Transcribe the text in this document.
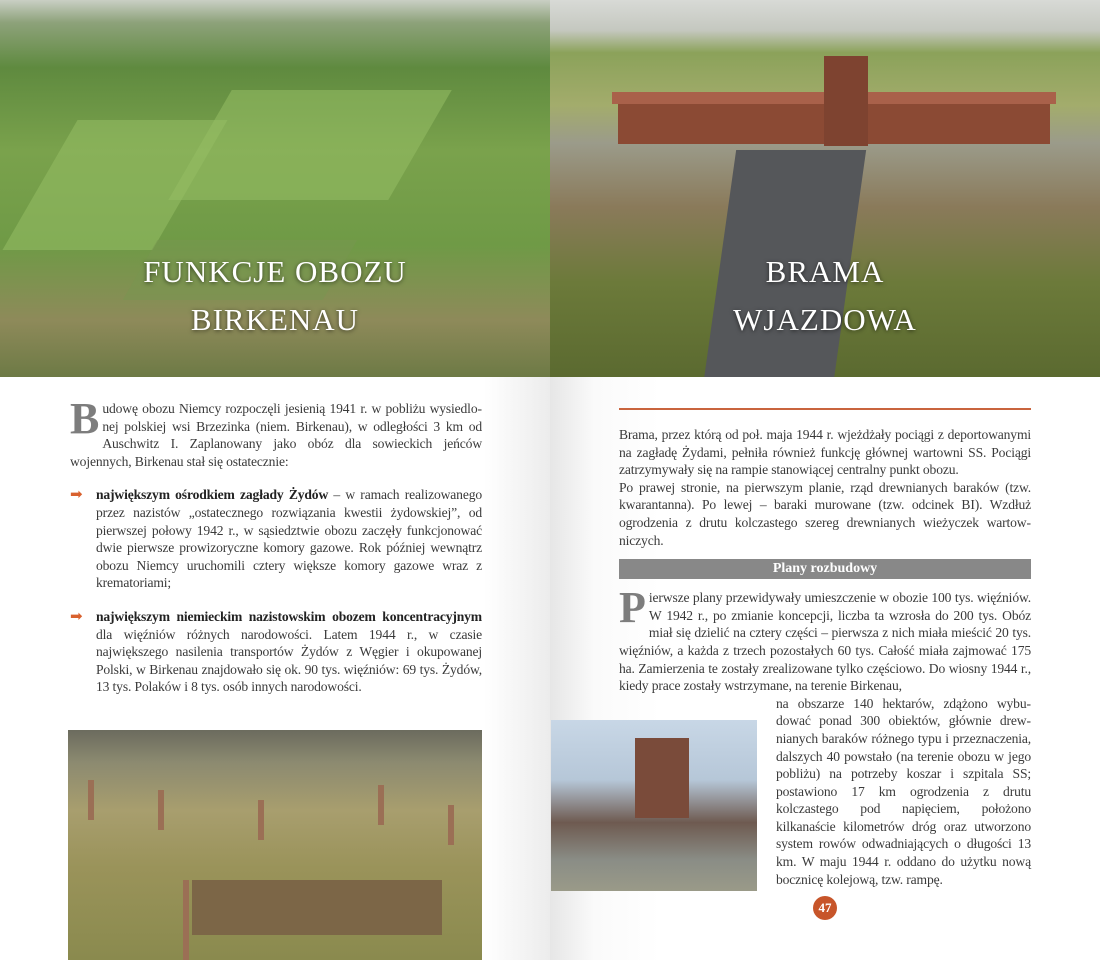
FUNKCJE OBOZU
BIRKENAU
BRAMA
WJAZDOWA

Budowę obozu Niemcy rozpoczęli jesienią 1941 r. w pobliżu wysiedlonej polskiej wsi Brzezinka (niem. Birkenau), w odległości 3 km od Auschwitz I. Zaplanowany jako obóz dla sowieckich jeńców wojennych, Birkenau stał się ostatecznie:

➡ największym ośrodkiem zagłady Żydów – w ramach realizowanego przez nazistów „ostatecznego rozwiązania kwestii żydowskiej”, od pierwszej połowy 1942 r., w sąsiedztwie obozu zaczęły funkcjonować dwie pierwsze prowizoryczne komory gazowe. Rok później wewnątrz obozu Niemcy uruchomili cztery większe komory gazowe wraz z krematoriami;

➡ największym niemieckim nazistowskim obozem koncentracyjnym dla więźniów różnych narodowości. Latem 1944 r., w czasie największego nasilenia transportów Żydów z Węgier i okupowanej Polski, w Birkenau znajdowało się ok. 90 tys. więźniów: 69 tys. Żydów, 13 tys. Polaków i 8 tys. osób innych narodowości.

Brama, przez którą od poł. maja 1944 r. wjeżdżały pociągi z deportowanymi na zagładę Żydami, pełniła również funkcję głównej wartowni SS. Pociągi zatrzymywały się na rampie stanowiącej centralny punkt obozu.

Po prawej stronie, na pierwszym planie, rząd drewnianych baraków (tzw. kwarantanna). Po lewej – baraki murowane (tzw. odcinek BI). Wzdłuż ogrodzenia z drutu kolczastego szereg drewnianych wieżyczek wartowniczych.

Plany rozbudowy

Pierwsze plany przewidywały umieszczenie w obozie 100 tys. więźniów. W 1942 r., po zmianie koncepcji, liczba ta wzrosła do 200 tys. Obóz miał się dzielić na cztery części – pierwsza z nich miała mieścić 20 tys. więźniów, a każda z trzech pozostałych 60 tys. Całość miała zajmować 175 ha. Zamierzenia te zostały zrealizowane tylko częściowo. Do wiosny 1944 r., kiedy prace zostały wstrzymane, na terenie Birkenau,

na obszarze 140 hektarów, zdążono wybudować ponad 300 obiektów, głównie drewnianych baraków różnego typu i przeznaczenia, dalszych 40 powstało (na terenie obozu w jego pobliżu) na potrzeby koszar i szpitala SS; postawiono 17 km ogrodzenia z drutu kolczastego pod napięciem, położono kilkanaście kilometrów dróg oraz utworzono system rowów odwadniających o długości 13 km. W maju 1944 r. oddano do użytku nową bocznicę kolejową, tzw. rampę.

47
